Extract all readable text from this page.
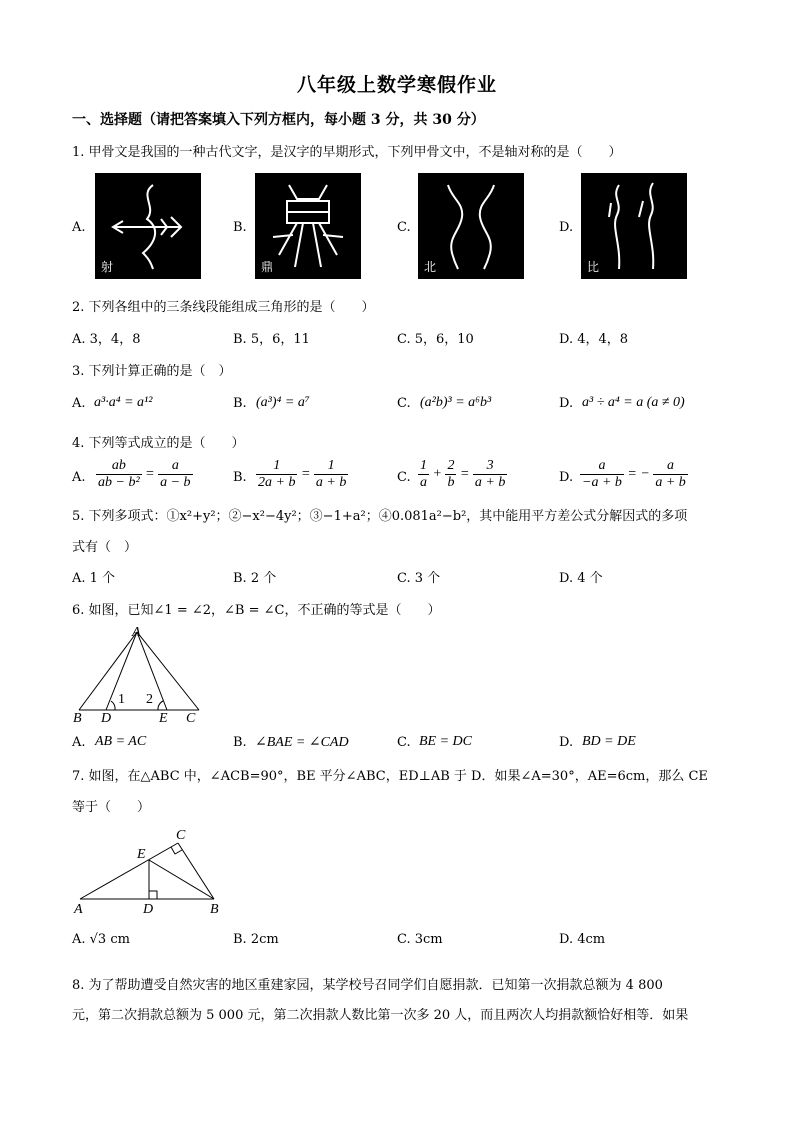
八年级上数学寒假作业
一、选择题（请把答案填入下列方框内，每小题 3 分，共 30 分）
1. 甲骨文是我国的一种古代文字，是汉字的早期形式，下列甲骨文中，不是轴对称的是（　　）
A.
射
B.
鼎
C.
北
D.
比
2. 下列各组中的三条线段能组成三角形的是（　　）
A. 3，4，8	B. 5，6，11	C. 5，6，10	D. 4，4，8
3. 下列计算正确的是（　）
A. a³·a⁴ = a¹²	B. (a³)⁴ = a⁷	C. (a²b)³ = a⁶b³	D. a³ ÷ a⁴ = a (a ≠ 0)
4. 下列等式成立的是（　　）
A. $\frac{ab}{\text{ab − b²}} = \frac{a}{a - b}$	B. $\frac{1}{2a + b} = \frac{1}{a + b}$	C. $\frac{1}{a} + \frac{2}{b} = \frac{3}{a + b}$	D. $\frac{a}{-a + b}$ = − $\frac{a}{a + b}$
5. 下列多项式：①x²+y²；②−x²−4y²；③−1+a²；④0.081a²−b²，其中能用平方差公式分解因式的多项
式有（　）
A. 1 个	B. 2 个	C. 3 个	D. 4 个
6. 如图，已知∠1 = ∠2，∠B = ∠C，不正确的等式是（　　）
A
B	C
D	E
1 2
A. AB = AC	B. ∠BAE = ∠CAD	C. BE = DC	D. BD = DE
7. 如图，在△ABC 中，∠ACB=90°，BE 平分∠ABC，ED⊥AB 于 D．如果∠A=30°，AE=6cm，那么 CE
等于（　　）
A	B
C
D
E
A. √3 cm	B. 2cm	C. 3cm	D. 4cm
8. 为了帮助遭受自然灾害的地区重建家园，某学校号召同学们自愿捐款．已知第一次捐款总额为 4 800
元，第二次捐款总额为 5 000 元，第二次捐款人数比第一次多 20 人，而且两次人均捐款额恰好相等．如果
